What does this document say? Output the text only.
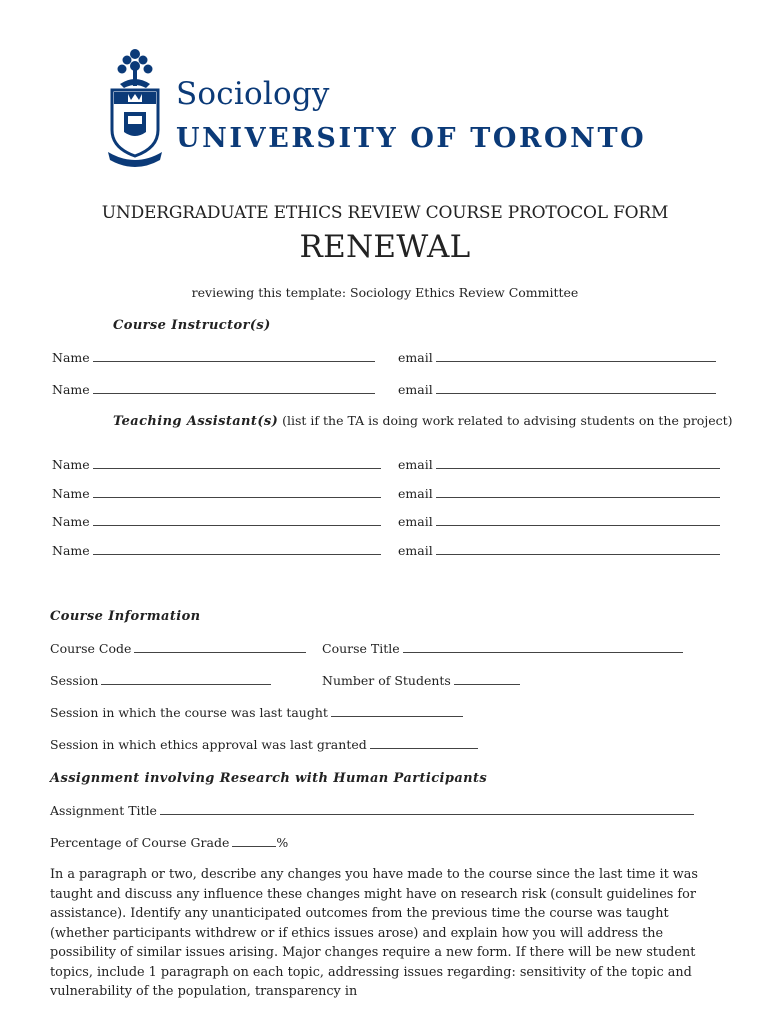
Sociology
UNIVERSITY OF TORONTO
UNDERGRADUATE ETHICS REVIEW COURSE PROTOCOL FORM
RENEWAL
reviewing this template: Sociology Ethics Review Committee
Course Instructor(s)
Name	email
Name	email
Teaching Assistant(s) (list if the TA is doing work related to advising students on the project)
Name	email
Name	email
Name	email
Name	email
Course Information
Course Code	Course Title
Session	Number of Students
Session in which the course was last taught
Session in which ethics approval was last granted
Assignment involving Research with Human Participants
Assignment Title
Percentage of Course Grade	%
In a paragraph or two, describe any changes you have made to the course since the last time it was taught and discuss any influence these changes might have on research risk (consult guidelines for assistance). Identify any unanticipated outcomes from the previous time the course was taught (whether participants withdrew or if ethics issues arose) and explain how you will address the possibility of similar issues arising. Major changes require a new form. If there will be new student topics, include 1 paragraph on each topic, addressing issues regarding: sensitivity of the topic and vulnerability of the population, transparency in
